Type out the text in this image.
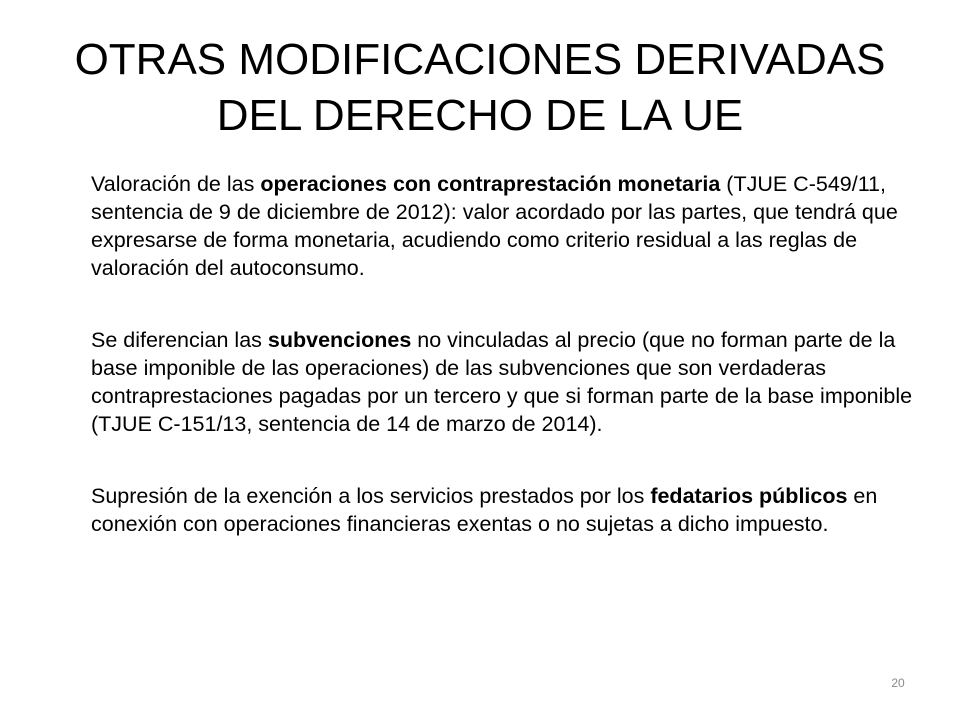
OTRAS MODIFICACIONES DERIVADAS DEL DERECHO DE LA UE

Valoración de las operaciones con contraprestación monetaria (TJUE C-549/11, sentencia de 9 de diciembre de 2012): valor acordado por las partes, que tendrá que expresarse de forma monetaria, acudiendo como criterio residual a las reglas de valoración del autoconsumo.

Se diferencian las subvenciones no vinculadas al precio (que no forman parte de la base imponible de las operaciones) de las subvenciones que son verdaderas contraprestaciones pagadas por un tercero y que si forman parte de la base imponible (TJUE C-151/13, sentencia de 14 de marzo de 2014).

Supresión de la exención a los servicios prestados por los fedatarios públicos en conexión con operaciones financieras exentas o no sujetas a dicho impuesto.

20
